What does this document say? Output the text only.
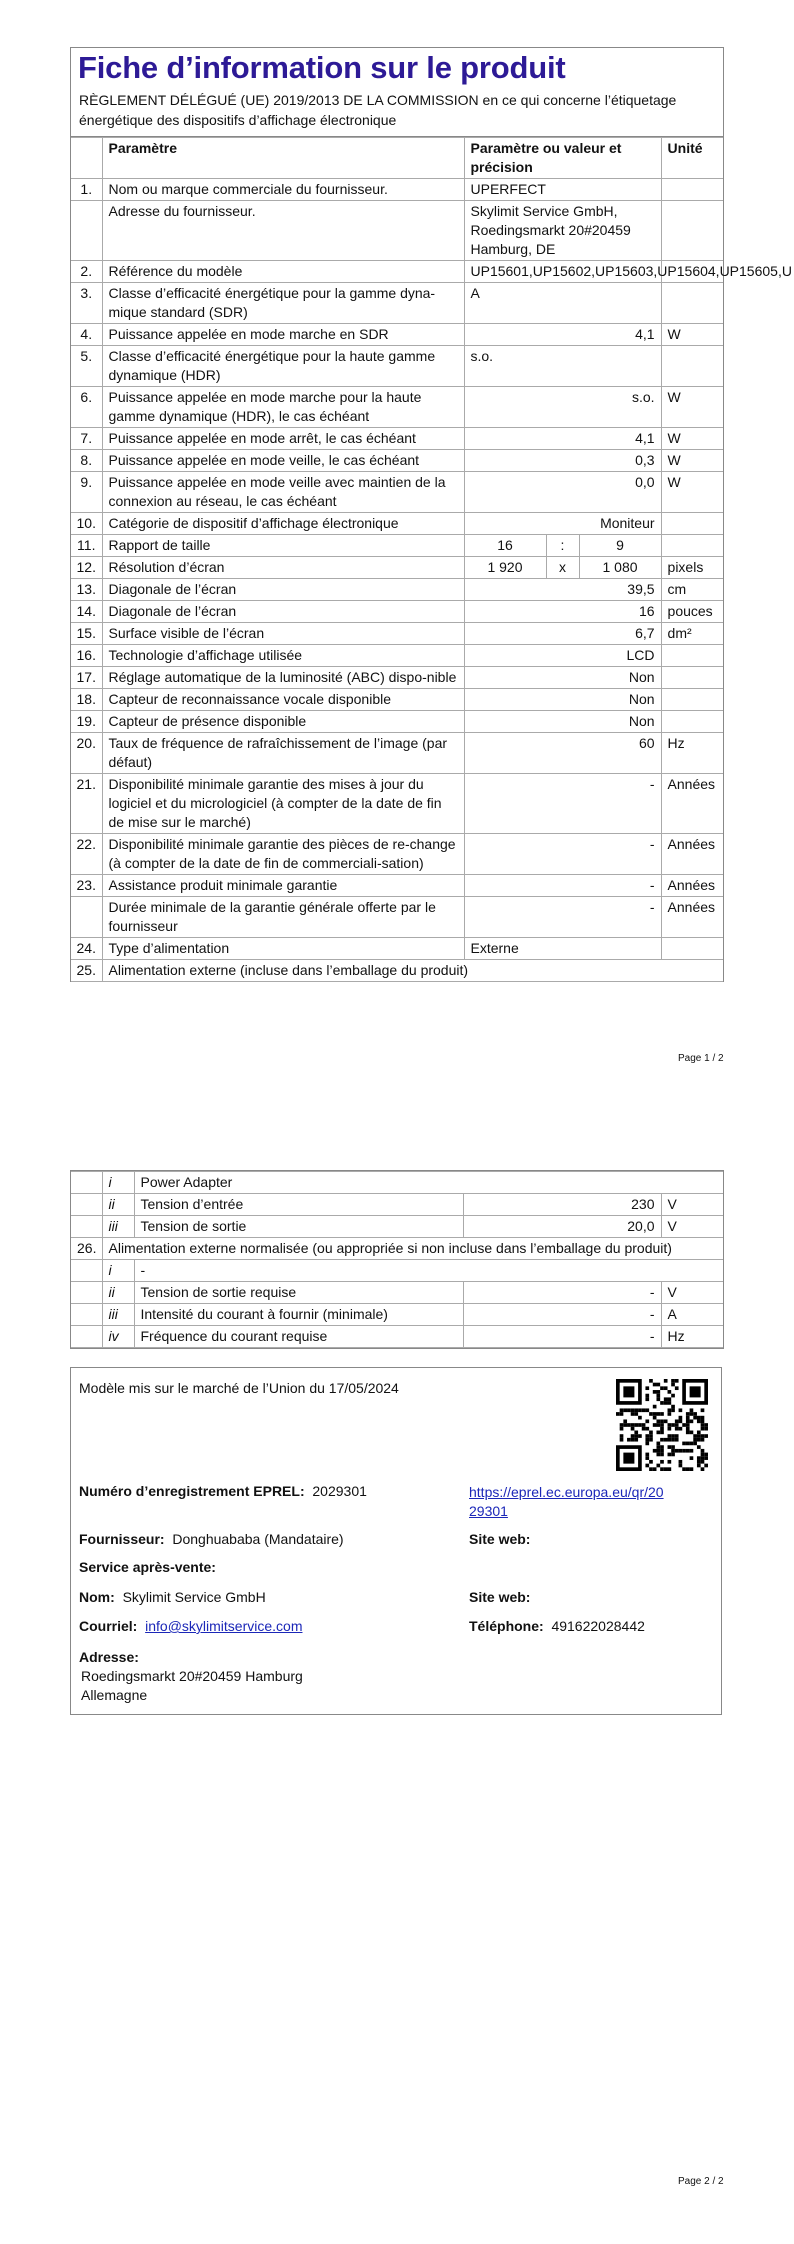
Fiche d’information sur le produit
RÈGLEMENT DÉLÉGUÉ (UE) 2019/2013 DE LA COMMISSION en ce qui concerne l’étiquetage énergétique des dispositifs d’affichage électronique
	Paramètre	Paramètre ou valeur et précision			Unité
1.	Nom ou marque commerciale du fournisseur.	UPERFECT			
	Adresse du fournisseur.	Skylimit Service GmbH, Roedingsmarkt 20#20459 Hamburg, DE			
2.	Référence du modèle	UP15601,UP15602,UP15603,UP15604,UP15605,U			
3.	Classe d’efficacité énergétique pour la gamme dyna-mique standard (SDR)	A			
4.	Puissance appelée en mode marche en SDR	4,1			W
5.	Classe d’efficacité énergétique pour la haute gamme dynamique (HDR)	s.o.			
6.	Puissance appelée en mode marche pour la haute gamme dynamique (HDR), le cas échéant	s.o.			W
7.	Puissance appelée en mode arrêt, le cas échéant	4,1			W
8.	Puissance appelée en mode veille, le cas échéant	0,3			W
9.	Puissance appelée en mode veille avec maintien de la connexion au réseau, le cas échéant	0,0			W
10.	Catégorie de dispositif d’affichage électronique	Moniteur			
11.	Rapport de taille	16	:	9	
12.	Résolution d’écran	1 920	x	1 080	pixels
13.	Diagonale de l’écran	39,5			cm
14.	Diagonale de l’écran	16			pouces
15.	Surface visible de l’écran	6,7			dm²
16.	Technologie d’affichage utilisée	LCD			
17.	Réglage automatique de la luminosité (ABC) dispo-nible	Non			
18.	Capteur de reconnaissance vocale disponible	Non			
19.	Capteur de présence disponible	Non			
20.	Taux de fréquence de rafraîchissement de l’image (par défaut)	60			Hz
21.	Disponibilité minimale garantie des mises à jour du logiciel et du micrologiciel (à compter de la date de fin de mise sur le marché)	-			Années
22.	Disponibilité minimale garantie des pièces de re-change (à compter de la date de fin de commerciali-sation)	-			Années
23.	Assistance produit minimale garantie	-			Années
	Durée minimale de la garantie générale offerte par le fournisseur	-			Années
24.	Type d’alimentation	Externe			
25.	Alimentation externe (incluse dans l’emballage du produit)				
Page 1 / 2
	i	Power Adapter		
	ii	Tension d’entrée	230	V
	iii	Tension de sortie	20,0	V
26.	Alimentation externe normalisée (ou appropriée si non incluse dans l’emballage du produit)			
	i	-		
	ii	Tension de sortie requise	-	V
	iii	Intensité du courant à fournir (minimale)	-	A
	iv	Fréquence du courant requise	-	Hz
Modèle mis sur le marché de l’Union du 17/05/2024
Numéro d’enregistrement EPREL: 2029301	https://eprel.ec.europa.eu/qr/20
29301
Fournisseur: Donghuababa (Mandataire)	Site web:
Service après-vente:
Nom: Skylimit Service GmbH	Site web:
Courriel: info@skylimitservice.com	Téléphone: 491622028442
Adresse:
Roedingsmarkt 20#20459 Hamburg
Allemagne
Page 2 / 2
